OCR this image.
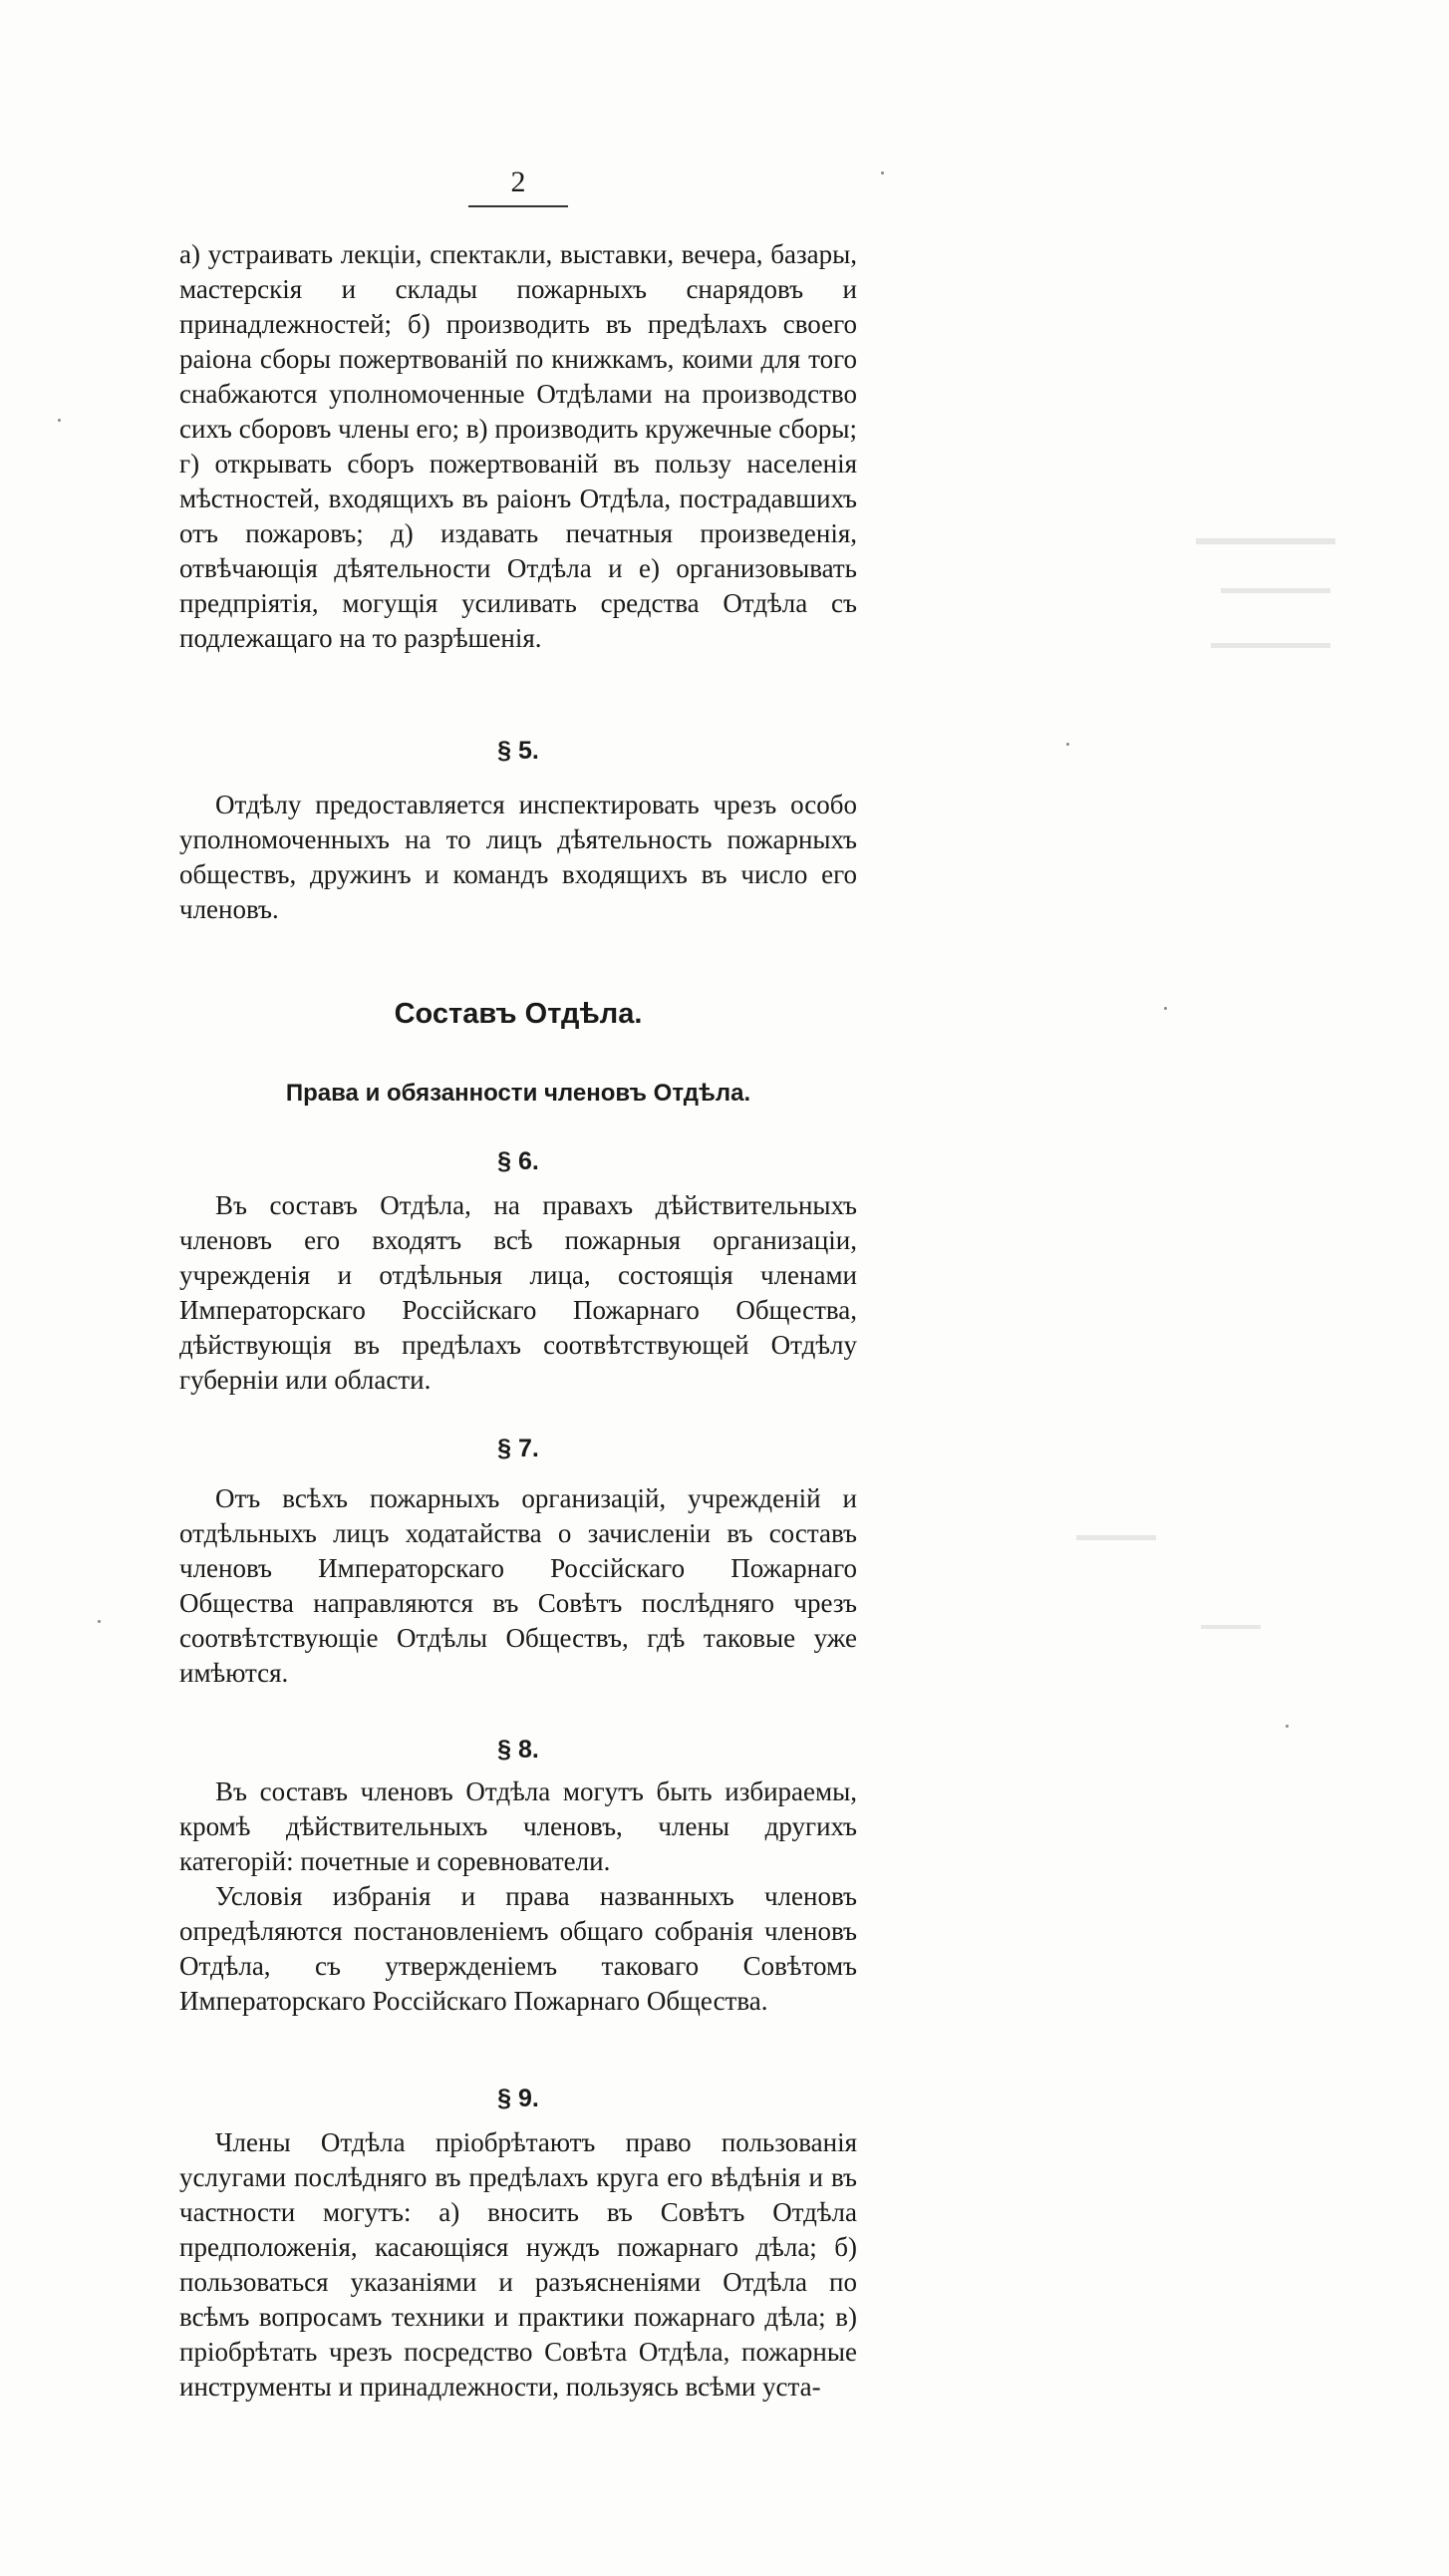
2

а) устраивать лекціи, спектакли, выставки, вечера, базары, мастерскія и склады пожарныхъ снарядовъ и принадлежностей; б) производить въ предѣлахъ своего раіона сборы пожертвованій по книжкамъ, коими для того снабжаются уполномоченные Отдѣлами на производство сихъ сборовъ члены его; в) производить кружечные сборы; г) открывать сборъ пожертвованій въ пользу населенія мѣстностей, входящихъ въ раіонъ Отдѣла, пострадавшихъ отъ пожаровъ; д) издавать печатныя произведенія, отвѣчающія дѣятельности Отдѣла и е) организовывать предпріятія, могущія усиливать средства Отдѣла съ подлежащаго на то разрѣшенія.

§ 5.

Отдѣлу предоставляется инспектировать чрезъ особо уполномоченныхъ на то лицъ дѣятельность пожарныхъ обществъ, дружинъ и командъ входящихъ въ число его членовъ.

Составъ Отдѣла.
Права и обязанности членовъ Отдѣла.
§ 6.

Въ составъ Отдѣла, на правахъ дѣйствительныхъ членовъ его входятъ всѣ пожарныя организаціи, учрежденія и отдѣльныя лица, состоящія членами Императорскаго Россійскаго Пожарнаго Общества, дѣйствующія въ предѣлахъ соотвѣтствующей Отдѣлу губерніи или области.

§ 7.

Отъ всѣхъ пожарныхъ организацій, учрежденій и отдѣльныхъ лицъ ходатайства о зачисленіи въ составъ членовъ Императорскаго Россійскаго Пожарнаго Общества направляются въ Совѣтъ послѣдняго чрезъ соотвѣтствующіе Отдѣлы Обществъ, гдѣ таковые уже имѣются.

§ 8.

Въ составъ членовъ Отдѣла могутъ быть избираемы, кромѣ дѣйствительныхъ членовъ, члены другихъ категорій: почетные и соревнователи.

Условія избранія и права названныхъ членовъ опредѣляются постановленіемъ общаго собранія членовъ Отдѣла, съ утвержденіемъ таковаго Совѣтомъ Императорскаго Россійскаго Пожарнаго Общества.

§ 9.

Члены Отдѣла пріобрѣтаютъ право пользованія услугами послѣдняго въ предѣлахъ круга его вѣдѣнія и въ частности могутъ: а) вносить въ Совѣтъ Отдѣла предположенія, касающіяся нуждъ пожарнаго дѣла; б) пользоваться указаніями и разъясненіями Отдѣла по всѣмъ вопросамъ техники и практики пожарнаго дѣла; в) пріобрѣтать чрезъ посредство Совѣта Отдѣла, пожарные инструменты и принадлежности, пользуясь всѣми уста-
